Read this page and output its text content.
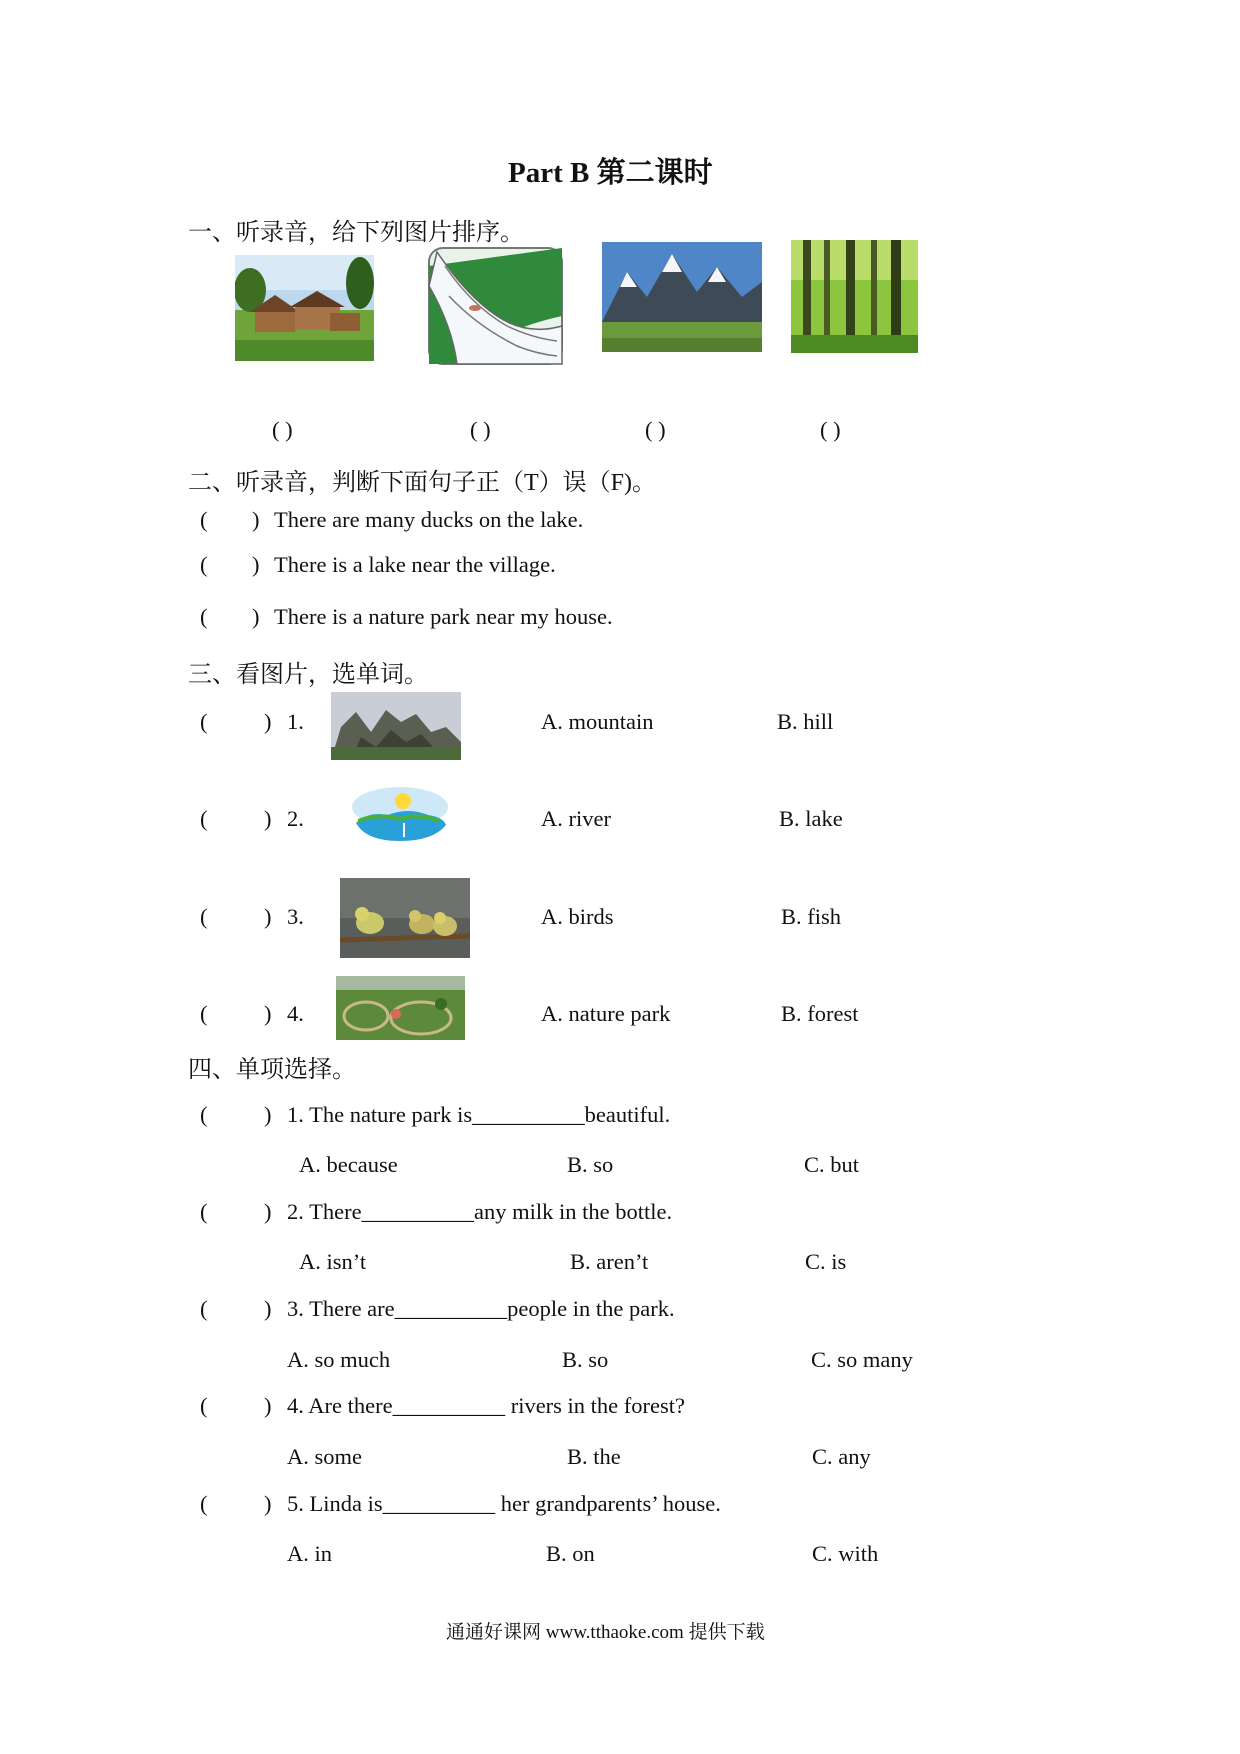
Part B 第二课时
一、听录音，给下列图片排序。
( )	( )	( )	( )
二、听录音，判断下面句子正（T）误（F)。
( ) There are many ducks on the lake.
( ) There is a lake near the village.
( ) There is a nature park near my house.
三、看图片，选单词。
(	) 1.	A. mountain	B. hill
(	) 2.	A. river	B. lake
(	) 3.	A. birds	B. fish
(	) 4.	A. nature park	B. forest
四、单项选择。
(	) 1. The nature park is__________beautiful.
A. because	B. so	C. but
(	) 2. There__________any milk in the bottle.
A. isn’t	B. aren’t	C. is
(	) 3. There are__________people in the park.
A. so much	B. so	C. so many
(	) 4. Are there__________ rivers in the forest?
A. some	B. the	C. any
(	) 5. Linda is__________ her grandparents’ house.
A. in	B. on	C. with
通通好课网 www.tthaoke.com 提供下载
